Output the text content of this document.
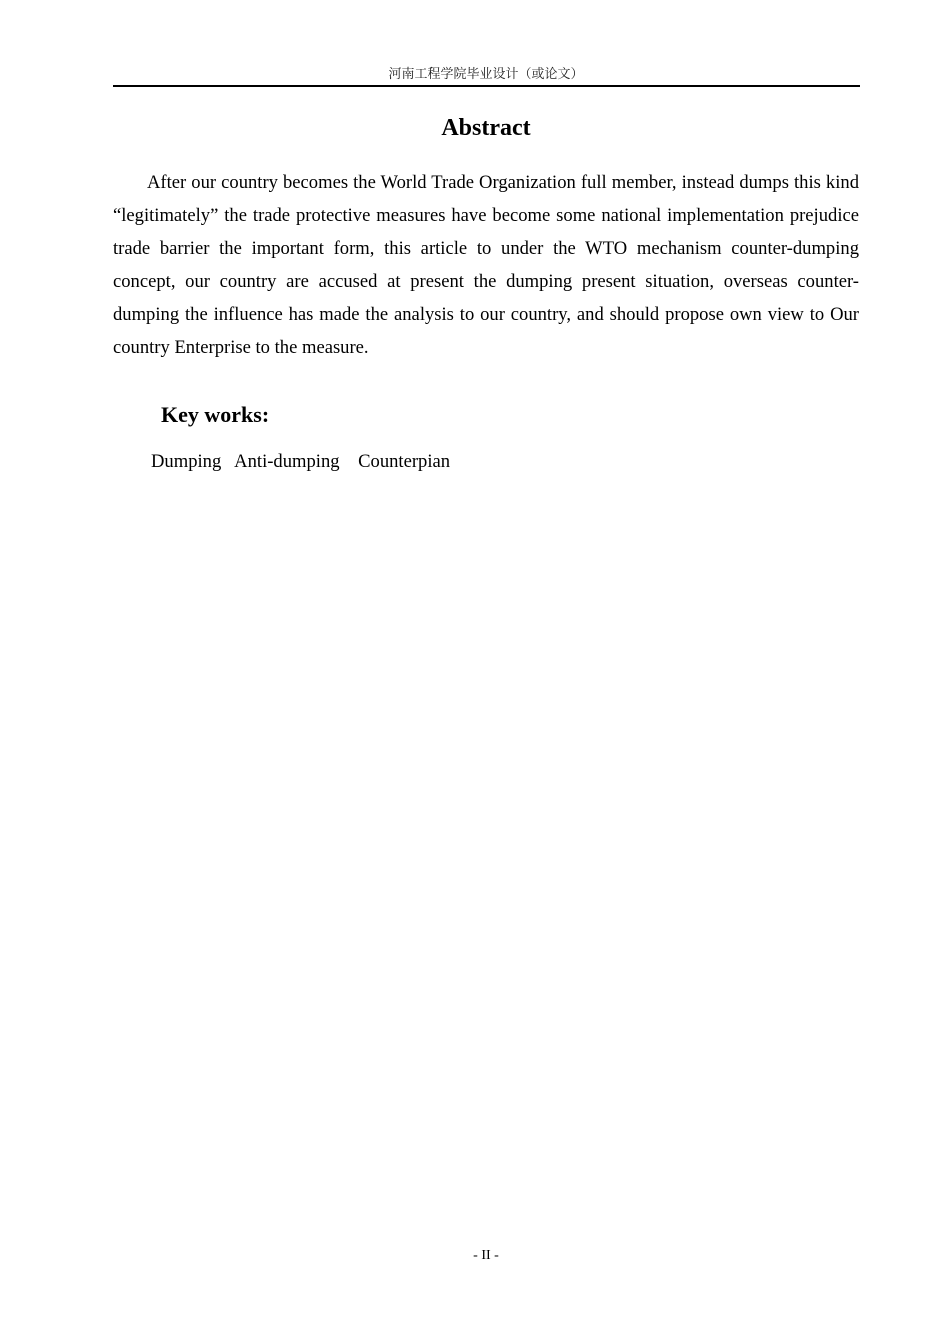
河南工程学院毕业设计（或论文）
Abstract

After our country becomes the World Trade Organization full member, instead dumps this kind “legitimately” the trade protective measures have become some national implementation prejudice trade barrier the important form, this article to under the WTO mechanism counter-dumping concept, our country are accused at present the dumping present situation, overseas counter-dumping the influence has made the analysis to our country, and should propose own view to Our country Enterprise to the measure.

Key works:
Dumping Anti-dumping Counterpian
- II -
